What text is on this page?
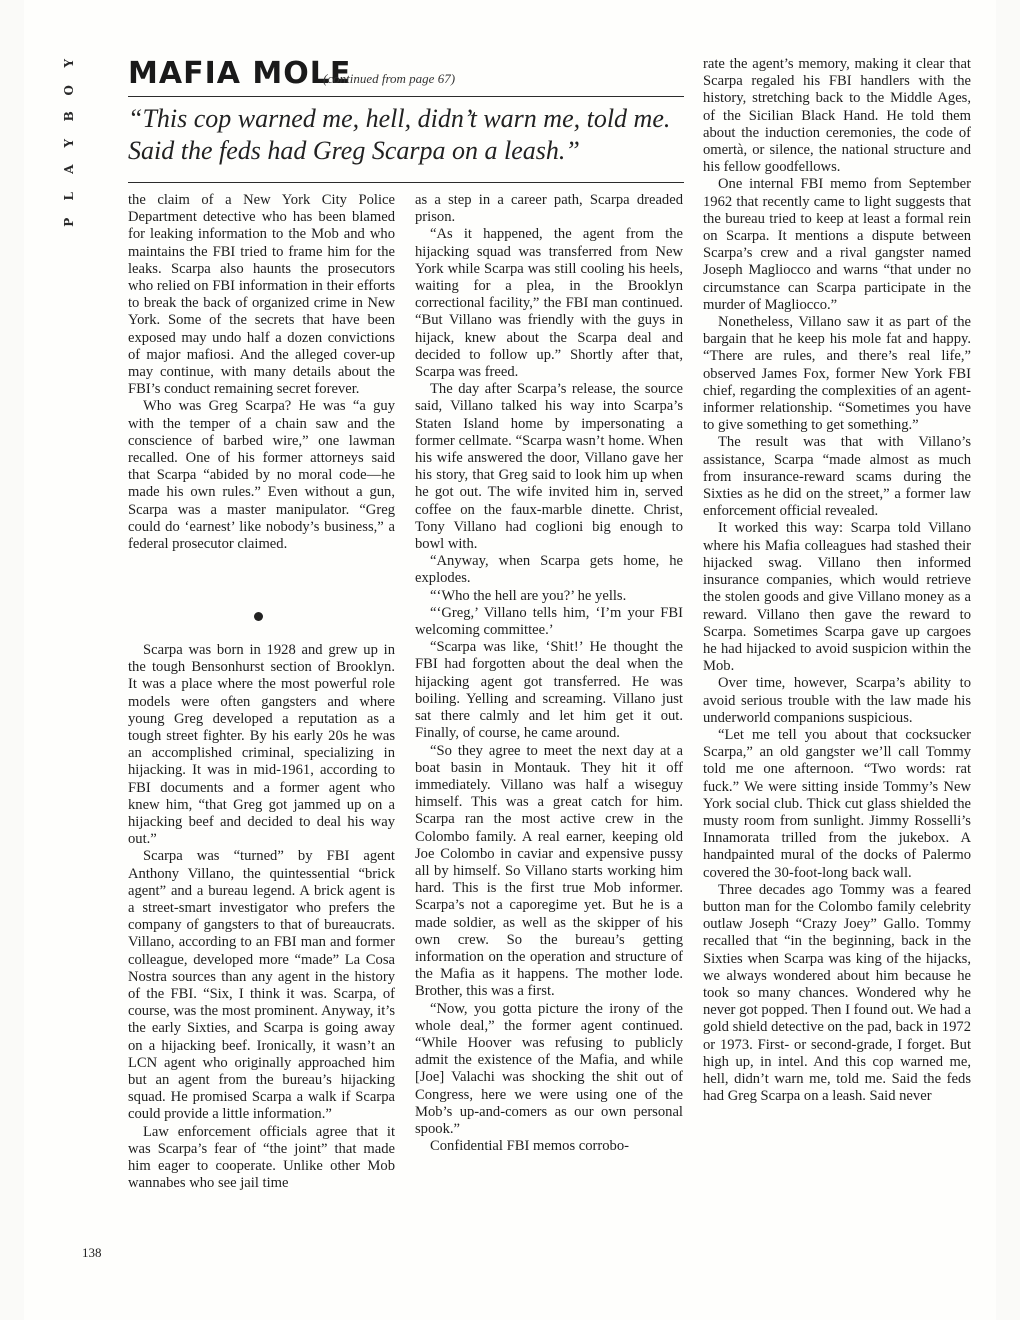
Y
O
B
Y
A
L
P
MAFIA MOLE
(continued from page 67)

“This cop warned me, hell, didn’t warn me, told me. Said the feds had Greg Scarpa on a leash.”

the claim of a New York City Police Department detective who has been blamed for leaking information to the Mob and who maintains the FBI tried to frame him for the leaks. Scarpa also haunts the prosecutors who relied on FBI information in their efforts to break the back of organized crime in New York. Some of the secrets that have been exposed may undo half a dozen convictions of major mafiosi. And the alleged cover-up may continue, with many details about the FBI’s conduct remaining secret forever.

Who was Greg Scarpa? He was “a guy with the temper of a chain saw and the conscience of barbed wire,” one lawman recalled. One of his former attorneys said that Scarpa “abided by no moral code—he made his own rules.” Even without a gun, Scarpa was a master manipulator. “Greg could do ‘earnest’ like nobody’s business,” a federal prosecutor claimed.

Scarpa was born in 1928 and grew up in the tough Bensonhurst section of Brooklyn. It was a place where the most powerful role models were often gangsters and where young Greg developed a reputation as a tough street fighter. By his early 20s he was an accomplished criminal, specializing in hijacking. It was in mid-1961, according to FBI documents and a former agent who knew him, “that Greg got jammed up on a hijacking beef and decided to deal his way out.”

Scarpa was “turned” by FBI agent Anthony Villano, the quintessential “brick agent” and a bureau legend. A brick agent is a street-smart investigator who prefers the company of gangsters to that of bureaucrats. Villano, according to an FBI man and former colleague, developed more “made” La Cosa Nostra sources than any agent in the history of the FBI. “Six, I think it was. Scarpa, of course, was the most prominent. Anyway, it’s the early Sixties, and Scarpa is going away on a hijacking beef. Ironically, it wasn’t an LCN agent who originally approached him but an agent from the bureau’s hijacking squad. He promised Scarpa a walk if Scarpa could provide a little information.”

Law enforcement officials agree that it was Scarpa’s fear of “the joint” that made him eager to cooperate. Unlike other Mob wannabes who see jail time

as a step in a career path, Scarpa dreaded prison.

“As it happened, the agent from the hijacking squad was transferred from New York while Scarpa was still cooling his heels, waiting for a plea, in the Brooklyn correctional facility,” the FBI man continued. “But Villano was friendly with the guys in hijack, knew about the Scarpa deal and decided to follow up.” Shortly after that, Scarpa was freed.

The day after Scarpa’s release, the source said, Villano talked his way into Scarpa’s Staten Island home by impersonating a former cellmate. “Scarpa wasn’t home. When his wife answered the door, Villano gave her his story, that Greg said to look him up when he got out. The wife invited him in, served coffee on the faux-marble dinette. Christ, Tony Villano had coglioni big enough to bowl with.

“Anyway, when Scarpa gets home, he explodes.

“‘Who the hell are you?’ he yells.

“‘Greg,’ Villano tells him, ‘I’m your FBI welcoming committee.’

“Scarpa was like, ‘Shit!’ He thought the FBI had forgotten about the deal when the hijacking agent got transferred. He was boiling. Yelling and screaming. Villano just sat there calmly and let him get it out. Finally, of course, he came around.

“So they agree to meet the next day at a boat basin in Montauk. They hit it off immediately. Villano was half a wiseguy himself. This was a great catch for him. Scarpa ran the most active crew in the Colombo family. A real earner, keeping old Joe Colombo in caviar and expensive pussy all by himself. So Villano starts working him hard. This is the first true Mob informer. Scarpa’s not a caporegime yet. But he is a made soldier, as well as the skipper of his own crew. So the bureau’s getting information on the operation and structure of the Mafia as it happens. The mother lode. Brother, this was a first.

“Now, you gotta picture the irony of the whole deal,” the former agent continued. “While Hoover was refusing to publicly admit the existence of the Mafia, and while [Joe] Valachi was shocking the shit out of Congress, here we were using one of the Mob’s up-and-comers as our own personal spook.”

Confidential FBI memos corrobo-

rate the agent’s memory, making it clear that Scarpa regaled his FBI handlers with the history, stretching back to the Middle Ages, of the Sicilian Black Hand. He told them about the induction ceremonies, the code of omertà, or silence, the national structure and his fellow goodfellows.

One internal FBI memo from September 1962 that recently came to light suggests that the bureau tried to keep at least a formal rein on Scarpa. It mentions a dispute between Scarpa’s crew and a rival gangster named Joseph Magliocco and warns “that under no circumstance can Scarpa participate in the murder of Magliocco.”

Nonetheless, Villano saw it as part of the bargain that he keep his mole fat and happy. “There are rules, and there’s real life,” observed James Fox, former New York FBI chief, regarding the complexities of an agent-informer relationship. “Sometimes you have to give something to get something.”

The result was that with Villano’s assistance, Scarpa “made almost as much from insurance-reward scams during the Sixties as he did on the street,” a former law enforcement official revealed.

It worked this way: Scarpa told Villano where his Mafia colleagues had stashed their hijacked swag. Villano then informed insurance companies, which would retrieve the stolen goods and give Villano money as a reward. Villano then gave the reward to Scarpa. Sometimes Scarpa gave up cargoes he had hijacked to avoid suspicion within the Mob.

Over time, however, Scarpa’s ability to avoid serious trouble with the law made his underworld companions suspicious.

“Let me tell you about that cocksucker Scarpa,” an old gangster we’ll call Tommy told me one afternoon. “Two words: rat fuck.” We were sitting inside Tommy’s New York social club. Thick cut glass shielded the musty room from sunlight. Jimmy Rosselli’s Innamorata trilled from the jukebox. A handpainted mural of the docks of Palermo covered the 30-foot-long back wall.

Three decades ago Tommy was a feared button man for the Colombo family celebrity outlaw Joseph “Crazy Joey” Gallo. Tommy recalled that “in the beginning, back in the Sixties when Scarpa was king of the hijacks, we always wondered about him because he took so many chances. Wondered why he never got popped. Then I found out. We had a gold shield detective on the pad, back in 1972 or 1973. First- or second-grade, I forget. But high up, in intel. And this cop warned me, hell, didn’t warn me, told me. Said the feds had Greg Scarpa on a leash. Said never

138
